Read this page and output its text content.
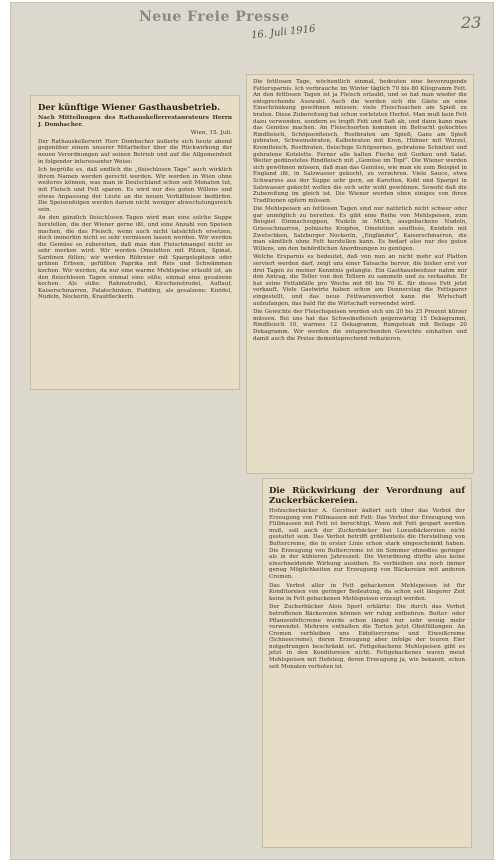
Neue Freie Presse
16. Juli 1916
23
Der künftige Wiener Gasthausbetrieb.
Nach Mitteilungen des Rathauskellerrestaurateurs Herrn J. Dombacher.
Wien, 15. Juli.

Der Rathauskellerwirt Herr Dombacher äußerte sich heute abend gegenüber einem unserer Mitarbeiter über die Rückwirkung der neuen Verordnungen auf seinen Betrieb und auf die Allgemeinheit in folgender interessanter Weise:

Ich begrüße es, daß endlich die „fleischlosen Tage“ auch wirklich ihrem Namen werden gerecht werden. Wir werden in Wien ohne weiteres können, was man in Deutschland schon seit Monaten tut, mit Fleisch und Fett sparen. Es wird nur des guten Willens und etwas Anpassung der Leute an die neuen Verhältnisse bedürfen. Die Speisenfolgen werden darum nicht weniger abwechslungsreich sein.

An den gänzlich fleischlosen Tagen wird man eine solche Suppe herstellen, die der Wiener gerne ißt, und eine Anzahl von Speisen machen, die das Fleisch, wenn auch nicht tatsächlich ersetzen, doch immerhin nicht so sehr vermissen lassen werden. Wir werden die Gemüse so zubereiten, daß man den Fleischmangel nicht so sehr merken wird. Wir werden Omeletten mit Pilzen, Spinat, Sardinen füllen; wir werden Rühreier mit Spargelspitzen oder grünen Erbsen, gefüllten Paprika mit Reis und Schwämmen kochen. Wir werden, da nur eine warme Mehlspeise erlaubt ist, an den fleischlosen Tagen einmal eine süße, einmal eine gesalzene kochen. Als süße: Rahmstrudel, Kirschenstrudel, Auflauf, Kaiserschmarren, Palatschinken, Pudding, als gesalzene: Knödel, Nudeln, Nockerln, Krautfleckerln.

Die fettlosen Tage, wöchentlich einmal, bedeuten eine bevorzugende Fettersparnis. Ich verbrauche im Winter täglich 70 bis 80 Kilogramm Fett. An den fettlosen Tagen ist ja Fleisch erlaubt, und so hat man wieder die entsprechende Auswahl. Auch die werden sich die Gäste an eine Einschränkung gewöhnen müssen: viele Fleischsachen am Spieß zu braten. Diese Zubereitung hat schon vorletzten Herbst. Man muß kein Fett dazu verwenden, sondern es tropft Fett und Saft ab, und dann kann man das Gemüse machen. An Fleischsorten kommen im Betracht gekochtes Rindfleisch, Schöpsenfleisch, Rostbraten am Spieß, Gans am Spieß gebraten, Schweinsbraten, Kalbsbraten mit Kren, Hühner mit Wurzel, Kremfleisch, Rostbraten, fleischige Schöpsernes, gebratene Schnitzel und gebratene Koteletts. Ferner alle kalten Fische mit Gurken und Salat. Weiter gedünstetes Rindfleisch mit „Gemüse im Topf“. Die Wiener werden sich gewöhnen müssen, daß man das Gemüse, wie man sie zum Beispiel in England ißt, in Salzwasser gekocht, zu verzehren. Viele Sauce, etwa Schwarzes aus der Suppe sehr gern, an Karotten, Kohl und Spargel in Salzwasser gekocht wollen die sich sehr wohl gewöhnen. Sowohl daß die Zubereitung im gleich ist. Die Wiener werden eben einiges von ihren Traditionen opfern müssen.

Die Mehlspeisen an fettlosen Tagen sind nur natürlich nicht schwer oder gar unmöglich zu bereiten. Es gibt eine Reihe von Mehlspeisen, zum Beispiel Einmachsuppen, Nudeln in Milch, ausgebackene Nudeln, Griesschmarren, polnische Krapfen, Omeletten souffleés, Knödeln mit Zwetschken, Salzburger Nockerln, „Engländer“, Kaiserschmarren, die man sämtlich ohne Fett herstellen kann. Es bedarf also nur des guten Willens, um den behördlichen Anordnungen zu genügen.

Welche Ersparnis es bedeutet, daß von nun an nicht mehr auf Platten serviert werden darf, zeigt uns einer Tatsache hervor, die bisher erst vor drei Tagen zu meiner Kenntnis gelangte. Ein Gasthausbesitzer nahm mir den Antrag, die Teller von den Tellern zu sammeln und zu verkaufen. Er hat seine Fettabfälle pro Woche mit 60 bis 70 K. für dieses Fett jetzt verkauft. Viele Gastwirte haben schon am Donnerstag die Fettsparer eingestellt, und das neue Fettwarenverbot kann die Wirtschaft aufzufangen, das bald für die Wirtschaft verwendet wird.

Die Gewichte der Fleischspeisen werden sich um 20 bis 25 Prozent kürzer müssen. Bei uns hat das Schweinefleisch gegenwärtig 15 Dekagramm, Rindfleisch 10, warmes 12 Dekagramm, Rumpsteak mit Beilage 20 Dekagramm. Wir werden die entsprechenden Gewichte einhalten und damit auch die Preise dementsprechend reduzieren.

Die Rückwirkung der Verordnung auf Zuckerbäckereien.

Hofzuckerbäcker A. Gerstner äußert sich über das Verbot der Erzeugung von Füllmassen mit Fett: Das Verbot der Erzeugung von Füllmassen mit Fett ist berechtigt. Wenn mit Fett gespart werden muß, soll auch der Zuckerbäcker bei Luxusbäckereien nicht gestattet sein. Das Verbot betrifft größtenteils die Herstellung von Buttercreme, die in erster Linie schon stark eingeschränkt haben. Die Erzeugung von Buttercreme ist im Sommer ohnedies geringer als in der kühleren Jahreszeit. Die Verordnung dürfte also keine einschneidende Wirkung ausüben. Es verbleiben uns noch immer genug Möglichkeiten zur Erzeugung von Bäckereien mit anderen Cremen.

Das Verbot aller in Fett gebackenen Mehlspeisen ist für Konditoreien von geringer Bedeutung, da schon seit längerer Zeit keine in Fett gebackenen Mehlspeisen erzeugt werden.

Der Zuckerbäcker Alois Sporl erklärte: Die durch das Verbot betroffenen Bäckereien können wir ruhig entbehren. Butter- oder Pflanzenfettcreme wurde schon längst nur sehr wenig mehr verwendet. Mehrere enthalten die Torten jetzt Obstfüllungen. An Cremen verbleiben uns Eidottercreme und Eiweißcreme (Schneecreme), deren Erzeugung aber infolge der teuren Eier notgedrungen beschränkt ist. Fettgebackene Mehlspeisen gibt es jetzt in den Konditoreien nicht. Fettgebackenes waren meist Mehlspeisen mit Hefeteig, deren Erzeugung ja, wie bekannt, schon seit Monaten verboten ist.
